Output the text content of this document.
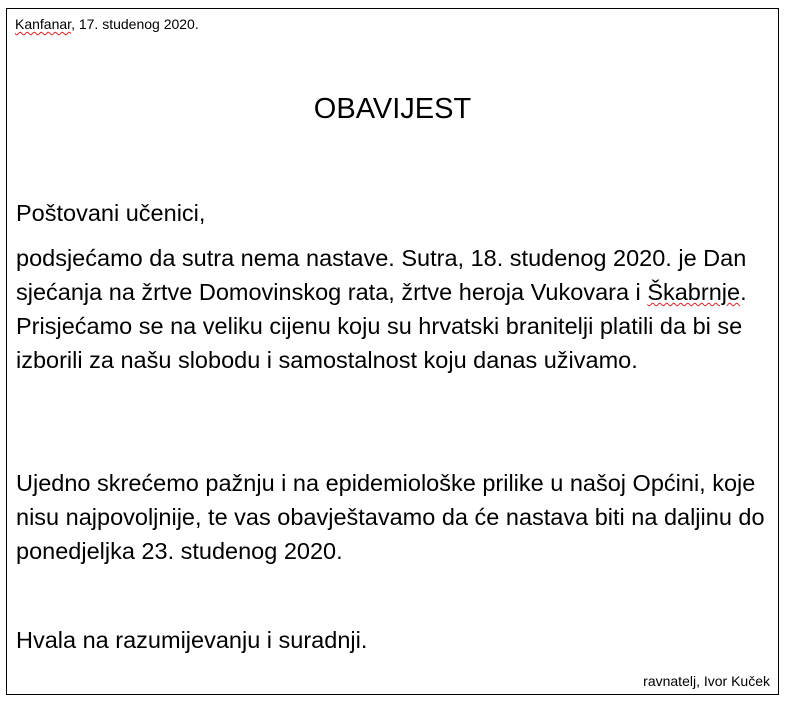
Kanfanar, 17. studenog 2020.
OBAVIJEST
Poštovani učenici,
podsjećamo da sutra nema nastave. Sutra, 18. studenog 2020. je Dan sjećanja na žrtve Domovinskog rata, žrtve heroja Vukovara i Škabrnje. Prisjećamo se na veliku cijenu koju su hrvatski branitelji platili da bi se izborili za našu slobodu i samostalnost koju danas uživamo.
Ujedno skrećemo pažnju i na epidemiološke prilike u našoj Općini, koje nisu najpovoljnije, te vas obavještavamo da će nastava biti na daljinu do ponedjeljka 23. studenog 2020.
Hvala na razumijevanju i suradnji.
ravnatelj, Ivor Kuček
